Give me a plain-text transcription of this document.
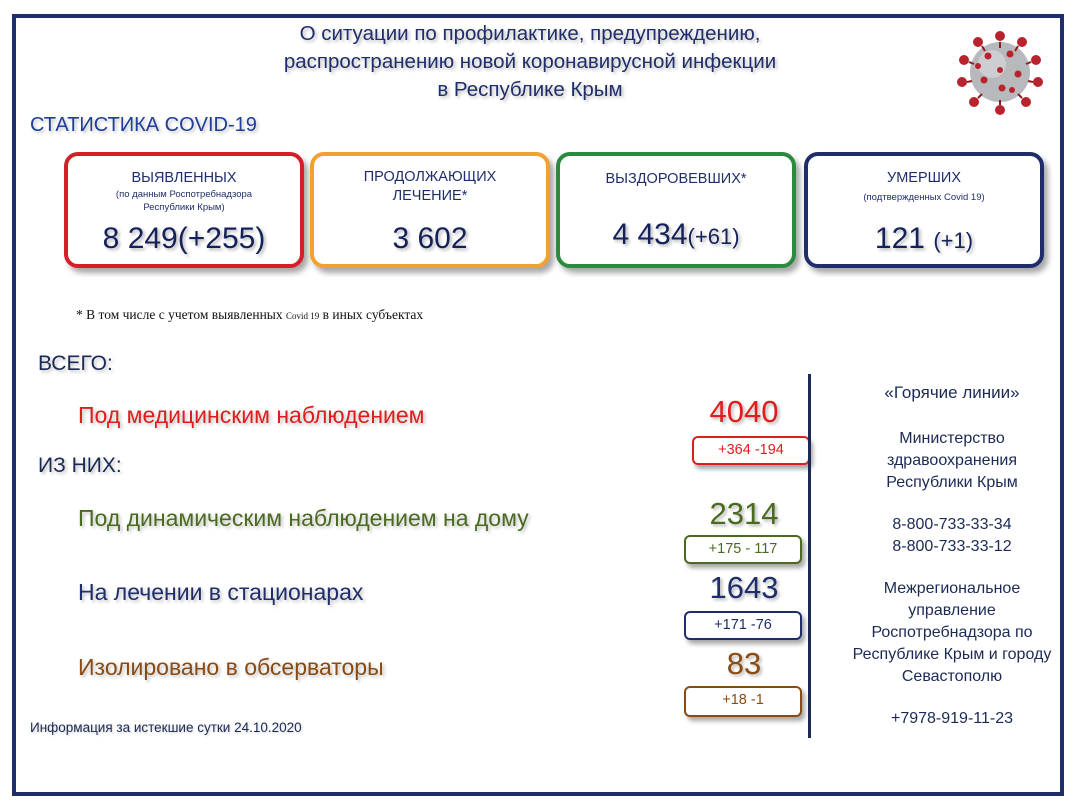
О ситуации по профилактике, предупреждению,
распространению новой коронавирусной инфекции
в Республике Крым
СТАТИСТИКА COVID-19
ВЫЯВЛЕННЫХ
(по данным Роспотребнадзора
Республики Крым)
8 249(+255)
ПРОДОЛЖАЮЩИХ
ЛЕЧЕНИЕ*
3 602
ВЫЗДОРОВЕВШИХ*
4 434(+61)
УМЕРШИХ
(подтвержденных Covid 19)
121 (+1)
* В том числе с учетом выявленных Covid 19 в иных субъектах
ВСЕГО:
ИЗ НИХ:
Под медицинским наблюдением	4040
+364 -194
Под динамическим наблюдением на дому	2314
+175 - 117
На лечении в стационарах	1643
+171 -76
Изолировано в обсерваторы	83
+18 -1
«Горячие линии»
Министерство
здравоохранения
Республики Крым
8-800-733-33-34
8-800-733-33-12
Межрегиональное
управление
Роспотребнадзора по
Республике Крым и городу
Севастополю
+7978-919-11-23
Информация за истекшие сутки 24.10.2020
